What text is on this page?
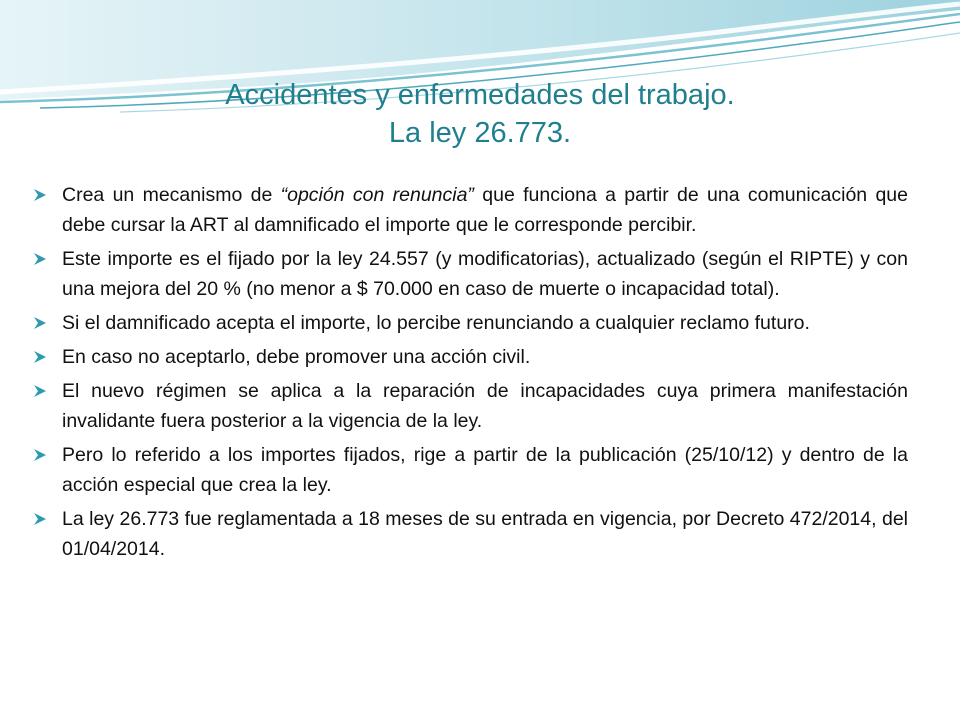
Accidentes y enfermedades del trabajo.
La ley 26.773.
Crea un mecanismo de “opción con renuncia” que funciona a partir de una comunicación que debe cursar la ART al damnificado el importe que le corresponde percibir.
Este importe es el fijado por la ley 24.557 (y modificatorias), actualizado (según el RIPTE) y con una mejora del 20 % (no menor a $ 70.000 en caso de muerte o incapacidad total).
Si el damnificado acepta el importe, lo percibe renunciando a cualquier reclamo futuro.
En caso no aceptarlo, debe promover una acción civil.
El nuevo régimen se aplica a la reparación de incapacidades cuya primera manifestación invalidante fuera posterior a la vigencia de la ley.
Pero lo referido a los importes fijados, rige a partir de la publicación (25/10/12) y dentro de la acción especial que crea la ley.
La ley 26.773 fue reglamentada a 18 meses de su entrada en vigencia, por Decreto 472/2014, del 01/04/2014.
